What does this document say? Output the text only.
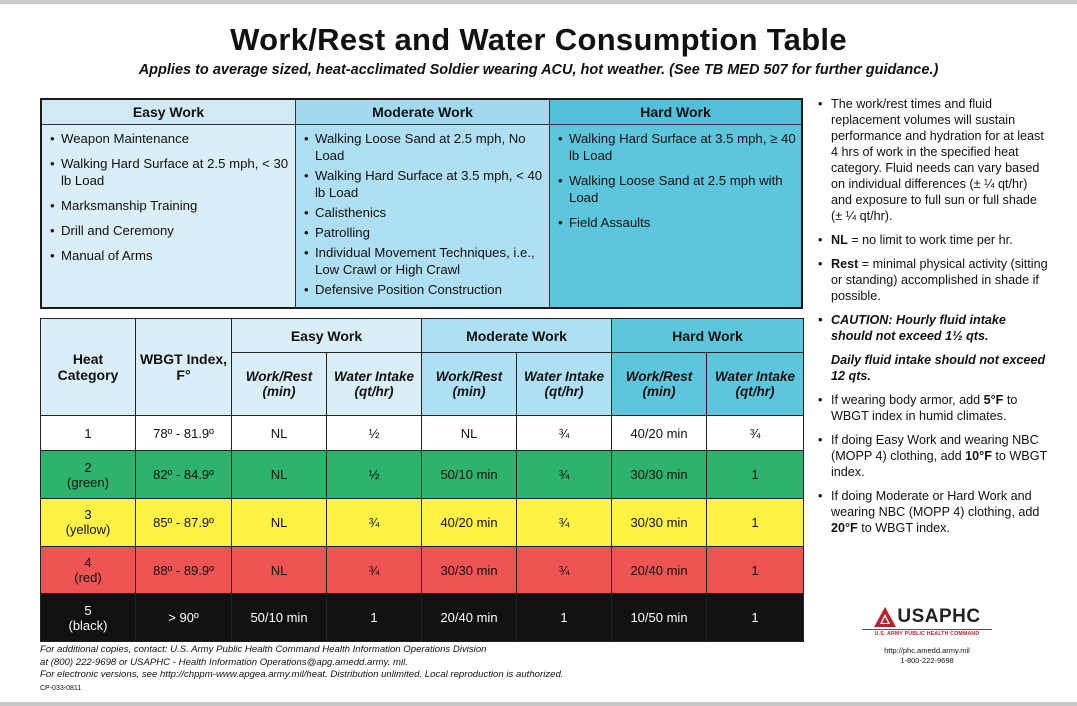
Work/Rest and Water Consumption Table
Applies to average sized, heat-acclimated Soldier wearing ACU, hot weather. (See TB MED 507 for further guidance.)
Easy Work
• Weapon Maintenance
• Walking Hard Surface at 2.5 mph, < 30 lb Load
• Marksmanship Training
• Drill and Ceremony
• Manual of Arms
Moderate Work
• Walking Loose Sand at 2.5 mph, No Load
• Walking Hard Surface at 3.5 mph, < 40 lb Load
• Calisthenics
• Patrolling
• Individual Movement Techniques, i.e., Low Crawl or High Crawl
• Defensive Position Construction
Hard Work
• Walking Hard Surface at 3.5 mph, ≥ 40 lb Load
• Walking Loose Sand at 2.5 mph with Load
• Field Assaults
Heat Category	WBGT Index, F°	Easy Work		Moderate Work		Hard Work	
		Work/Rest (min)	Water Intake (qt/hr)	Work/Rest (min)	Water Intake (qt/hr)	Work/Rest (min)	Water Intake (qt/hr)
1	78º - 81.9º	NL	½	NL	¾	40/20 min	¾
2
(green)	82º - 84.9º	NL	½	50/10 min	¾	30/30 min	1
3
(yellow)	85º - 87.9º	NL	¾	40/20 min	¾	30/30 min	1
4
(red)	88º - 89.9º	NL	¾	30/30 min	¾	20/40 min	1
5
(black)	> 90º	50/10 min	1	20/40 min	1	10/50 min	1
• The work/rest times and fluid replacement volumes will sustain performance and hydration for at least 4 hrs of work in the specified heat category. Fluid needs can vary based on individual differences (± ¼ qt/hr) and exposure to full sun or full shade (± ¼ qt/hr).
• NL = no limit to work time per hr.
• Rest = minimal physical activity (sitting or standing) accomplished in shade if possible.
• CAUTION: Hourly fluid intake should not exceed 1½ qts.
Daily fluid intake should not exceed 12 qts.
• If wearing body armor, add 5°F to WBGT index in humid climates.
• If doing Easy Work and wearing NBC (MOPP 4) clothing, add 10°F to WBGT index.
• If doing Moderate or Hard Work and wearing NBC (MOPP 4) clothing, add 20°F to WBGT index.
USAPHC
U.S. ARMY PUBLIC HEALTH COMMAND
http://phc.amedd.army.mil
1-800-222-9698
For additional copies, contact: U.S. Army Public Health Command Health Information Operations Division
at (800) 222-9698 or USAPHC - Health Information Operations@apg.amedd.army. mil.
For electronic versions, see http://chppm-www.apgea.army.mil/heat. Distribution unlimited. Local reproduction is authorized.
CP-033-0811
